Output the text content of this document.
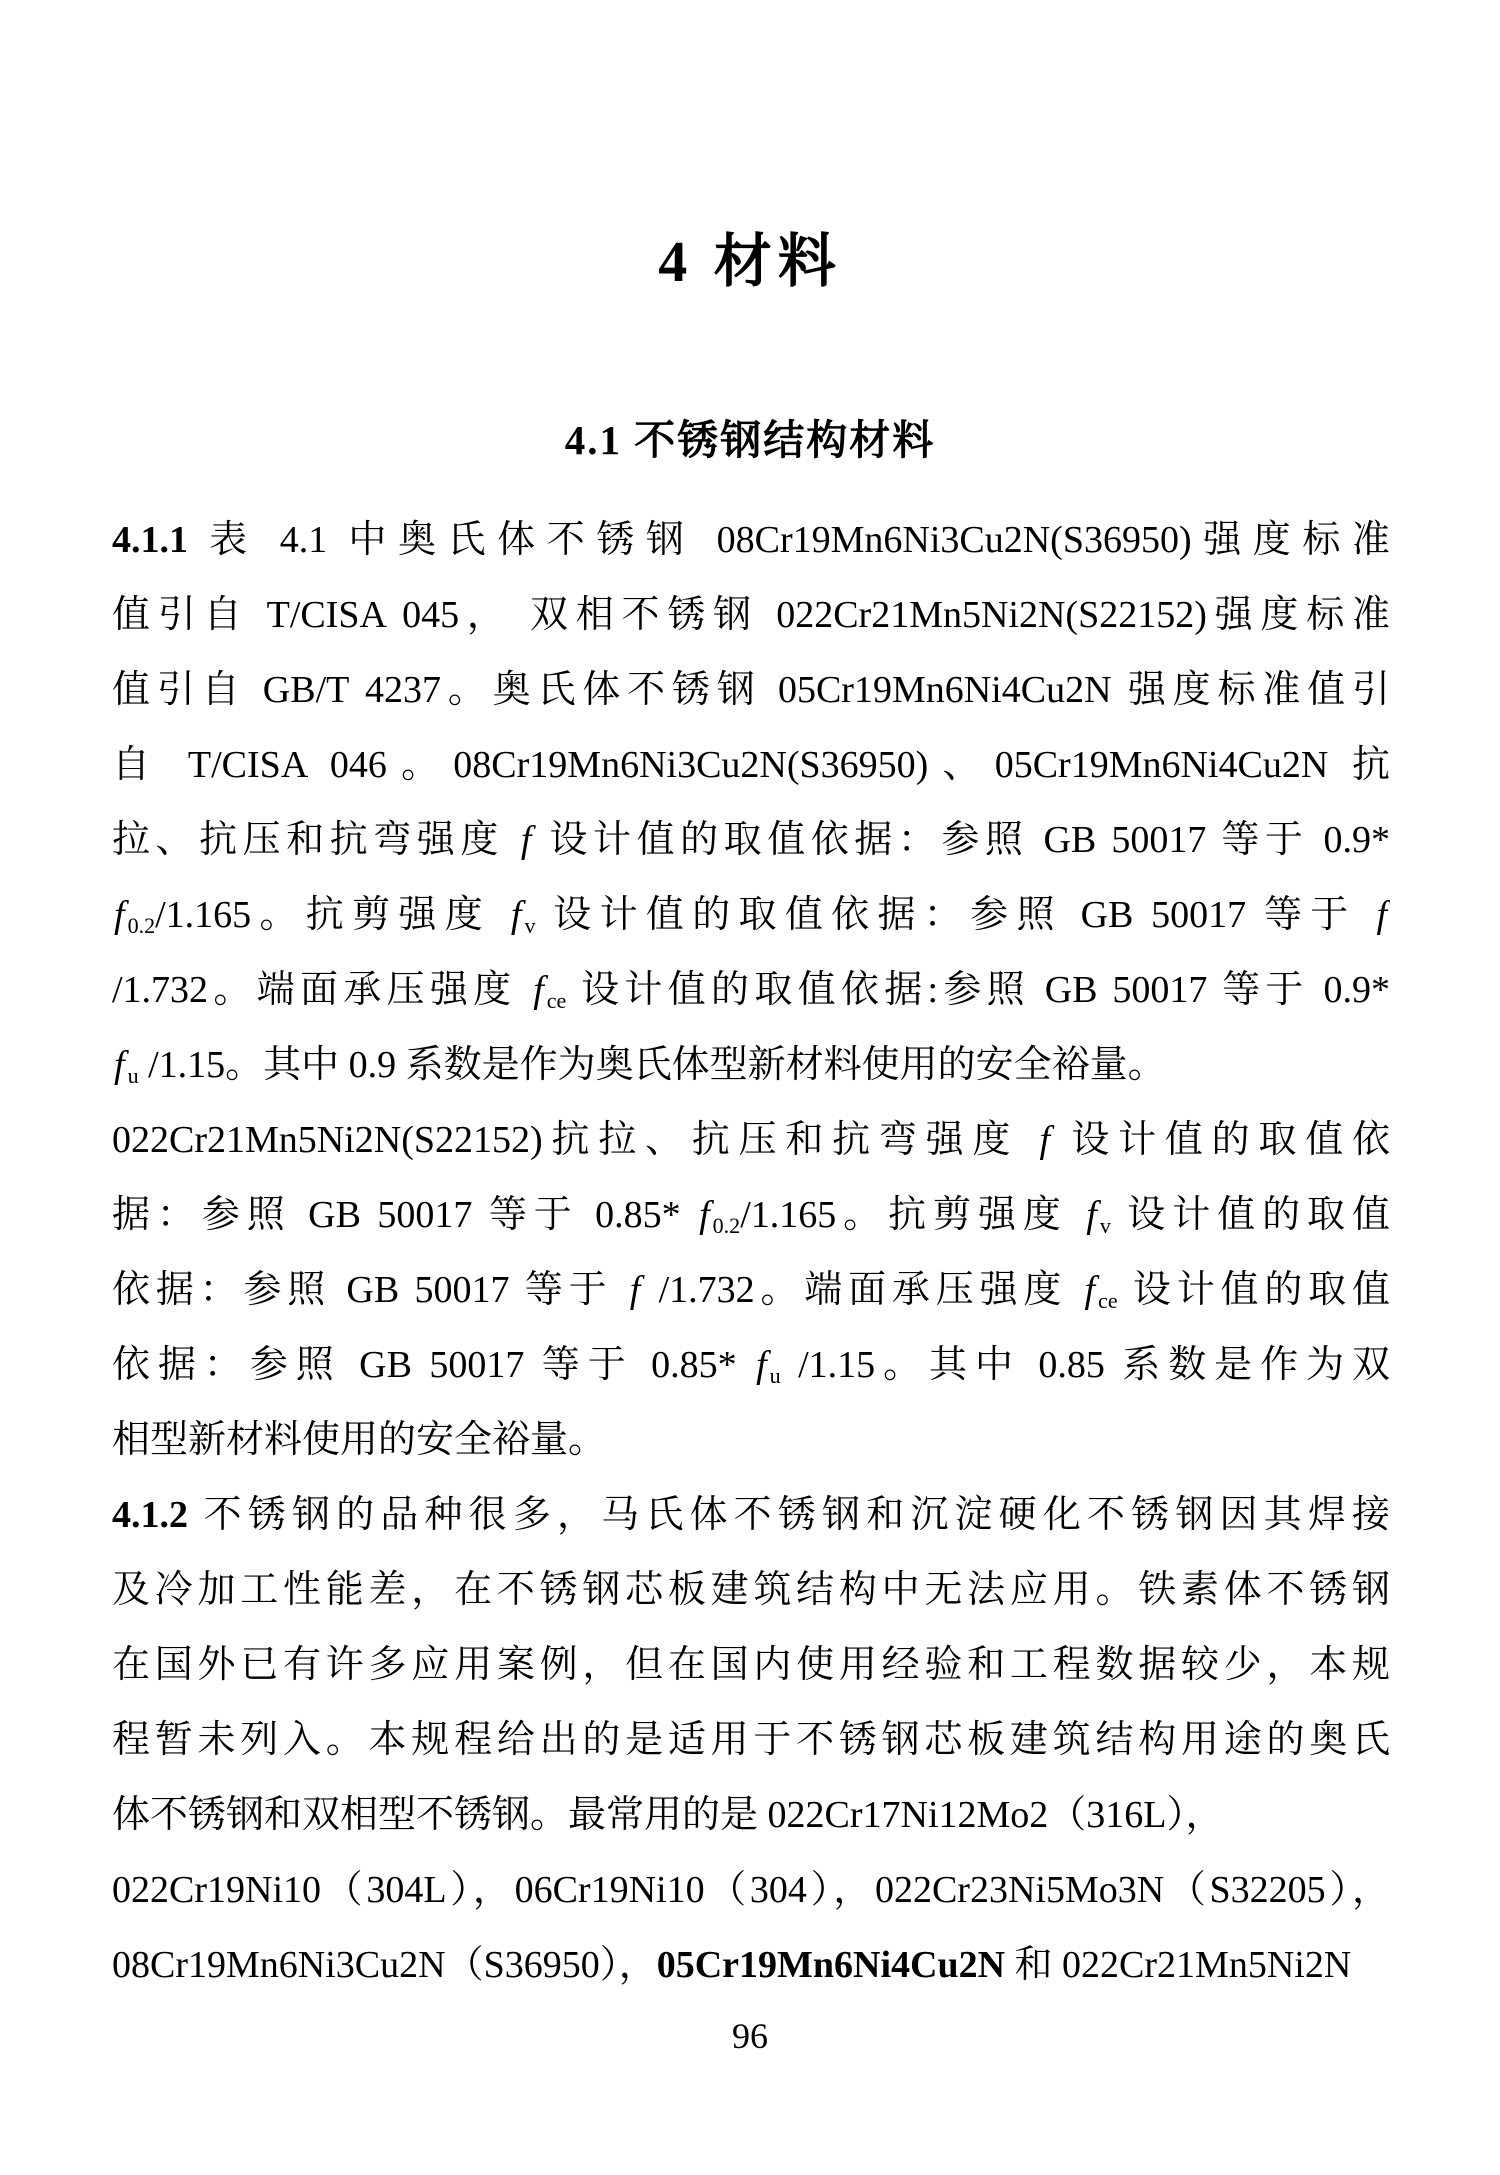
4 材料
4.1 不锈钢结构材料
4.1.1 表 4.1 中奥氏体不锈钢 08Cr19Mn6Ni3Cu2N(S36950)强度标准
值引自 T/CISA 045， 双相不锈钢 022Cr21Mn5Ni2N(S22152)强度标准
值引自 GB/T 4237。奥氏体不锈钢 05Cr19Mn6Ni4Cu2N 强度标准值引
自 T/CISA 046。08Cr19Mn6Ni3Cu2N(S36950)、05Cr19Mn6Ni4Cu2N 抗
拉、抗压和抗弯强度 f 设计值的取值依据：参照 GB 50017 等于 0.9*
f $_{0.2}$/1.165。抗剪强度 f $_v$ 设计值的取值依据：参照 GB 50017 等于 f
/1.732。端面承压强度 f $_{ce}$ 设计值的取值依据:参照 GB 50017 等于 0.9*
f $_u$ /1.15。其中 0.9 系数是作为奥氏体型新材料使用的安全裕量。
022Cr21Mn5Ni2N(S22152)抗拉、抗压和抗弯强度 f 设计值的取值依
据：参照 GB 50017 等于 0.85* f $_{0.2}$/1.165。抗剪强度 f $_v$ 设计值的取值
依据：参照 GB 50017 等于 f /1.732。端面承压强度 f $_{ce}$ 设计值的取值
依据：参照 GB 50017 等于 0.85* f $_u$ /1.15。其中 0.85 系数是作为双
相型新材料使用的安全裕量。
4.1.2 不锈钢的品种很多，马氏体不锈钢和沉淀硬化不锈钢因其焊接
及冷加工性能差，在不锈钢芯板建筑结构中无法应用。铁素体不锈钢
在国外已有许多应用案例，但在国内使用经验和工程数据较少，本规
程暂未列入。本规程给出的是适用于不锈钢芯板建筑结构用途的奥氏
体不锈钢和双相型不锈钢。最常用的是 022Cr17Ni12Mo2（316L），
022Cr19Ni10（304L），06Cr19Ni10（304），022Cr23Ni5Mo3N（S32205），
08Cr19Mn6Ni3Cu2N（S36950），05Cr19Mn6Ni4Cu2N 和 022Cr21Mn5Ni2N
96
